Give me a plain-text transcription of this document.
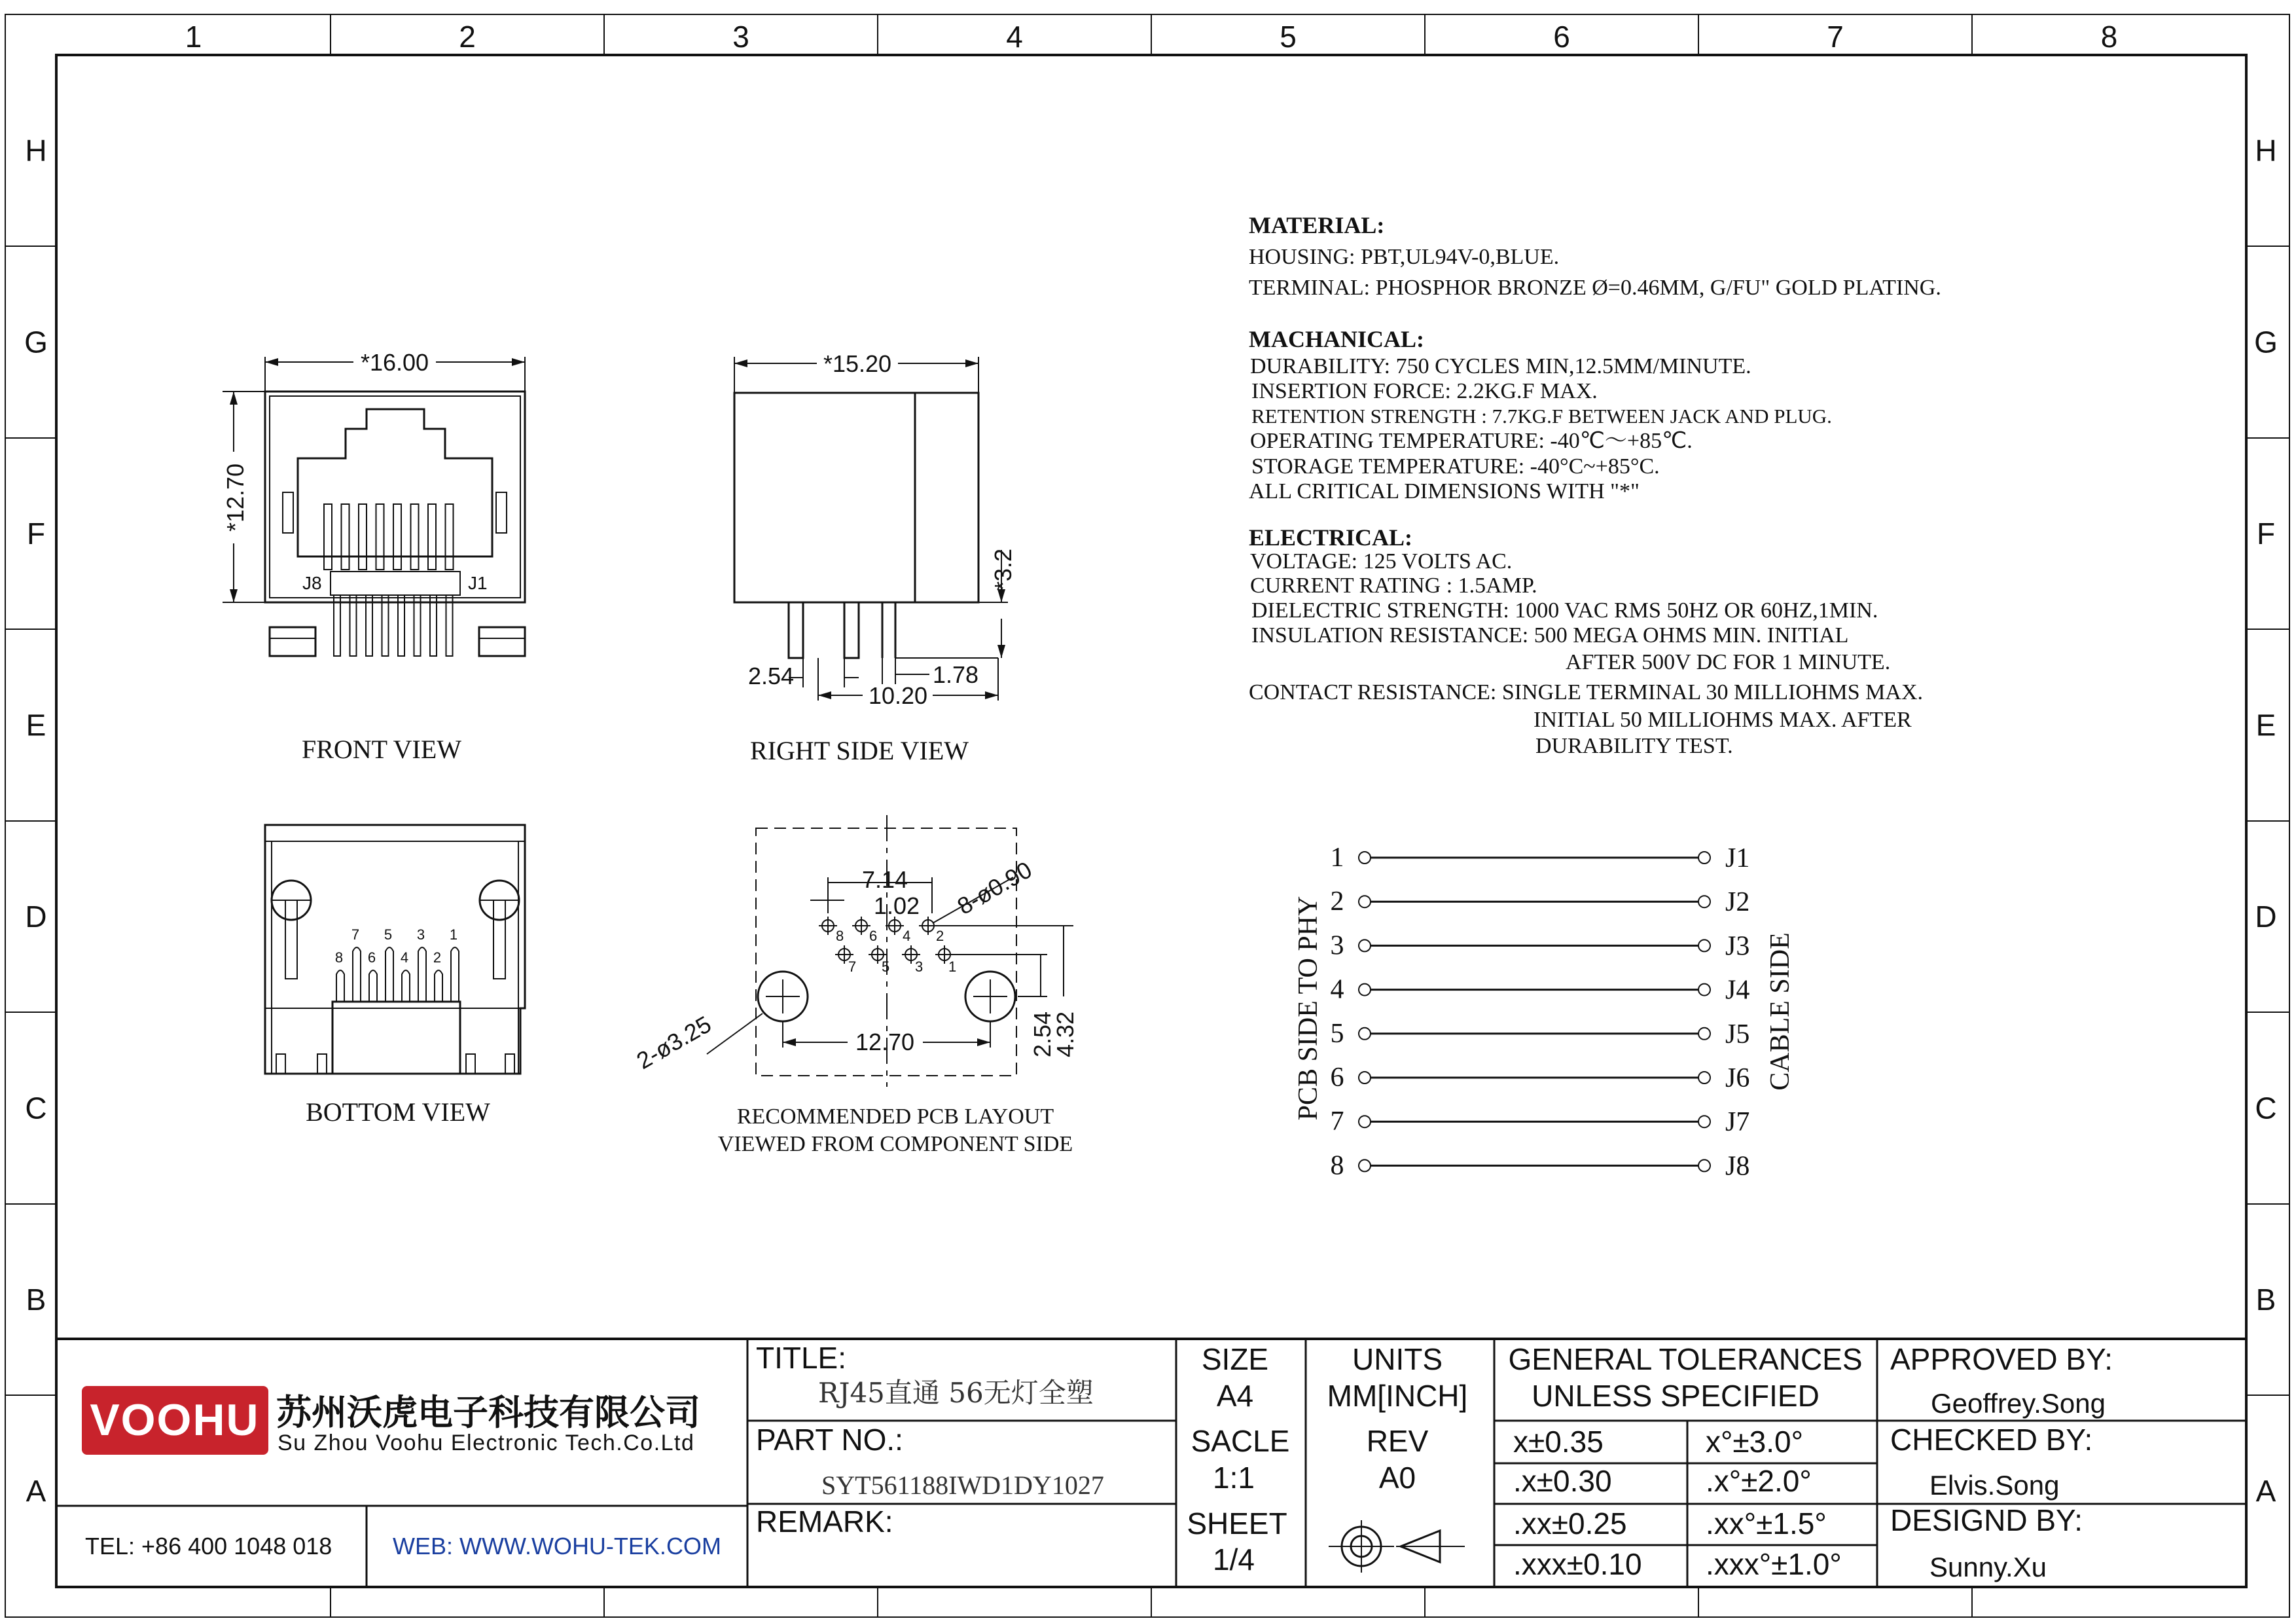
1	2	3	4	5	6	7	8
H	H
G	G
F	F
E	E
D	D
C	C
B	B
A	A
*16.00
*12.70
J8	J1
FRONT VIEW
*15.20
*3.2
2.54	1.78
10.20
RIGHT SIDE VIEW
8
7
6
5
4
3
2
1
BOTTOM VIEW
8 6 4 2
7 5 3 1
7.14
1.02 8-ø0.90
12.70	2.54
4.32
2-ø3.25
RECOMMENDED PCB LAYOUT
VIEWED FROM COMPONENT SIDE
MATERIAL:
HOUSING: PBT,UL94V-0,BLUE.
TERMINAL: PHOSPHOR BRONZE Ø=0.46MM, G/FU" GOLD PLATING.
MACHANICAL:
DURABILITY: 750 CYCLES MIN,12.5MM/MINUTE.
INSERTION FORCE: 2.2KG.F MAX.
RETENTION STRENGTH : 7.7KG.F BETWEEN JACK AND PLUG.
OPERATING TEMPERATURE: -40℃～+85℃.
STORAGE TEMPERATURE: -40°C~+85°C.
ALL CRITICAL DIMENSIONS WITH "*"
ELECTRICAL:
VOLTAGE: 125 VOLTS AC.
CURRENT RATING : 1.5AMP.
DIELECTRIC STRENGTH: 1000 VAC RMS 50HZ OR 60HZ,1MIN.
INSULATION RESISTANCE: 500 MEGA OHMS MIN. INITIAL
AFTER 500V DC FOR 1 MINUTE.
CONTACT RESISTANCE: SINGLE TERMINAL 30 MILLIOHMS MAX.
INITIAL 50 MILLIOHMS MAX. AFTER
DURABILITY TEST.
PCB SIDE TO PHY	CABLE SIDE
1	J1
2	J2
3	J3
4	J4
5	J5
6	J6
7	J7
8	J8
VOOHU 苏州沃虎电子科技有限公司
Su Zhou Voohu Electronic Tech.Co.Ltd
TEL: +86 400 1048 018	WEB: WWW.WOHU-TEK.COM
TITLE:
RJ45直通 56无灯全塑
PART NO.:
SYT561188IWD1DY1027
REMARK:
SIZE
A4
UNITS
MM[INCH]
SACLE
1:1
REV
A0
SHEET
1/4
GENERAL TOLERANCES
UNLESS SPECIFIED
x±0.35	x°±3.0°
.x±0.30	.x°±2.0°
.xx±0.25	.xx°±1.5°
.xxx±0.10 .xxx°±1.0°
APPROVED BY:
Geoffrey.Song
CHECKED BY:
Elvis.Song
DESIGND BY:
Sunny.Xu
